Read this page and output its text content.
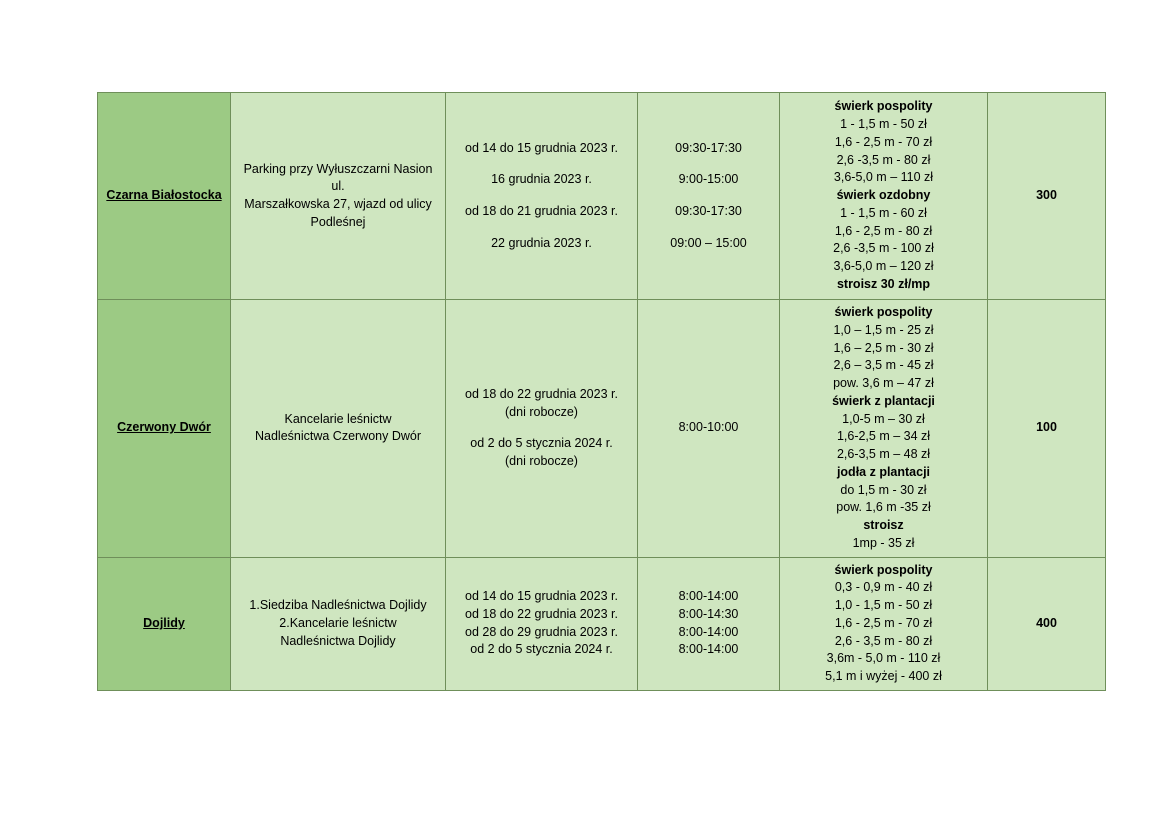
Czarna Białostocka	
Parking przy Wyłuszczarni Nasion ul.
Marszałkowska 27, wjazd od ulicy
Podleśnej

od 14 do 15 grudnia 2023 r.
16 grudnia 2023 r.
od 18 do 21 grudnia 2023 r.
22 grudnia 2023 r.

09:30-17:30
9:00-15:00
09:30-17:30
09:00 – 15:00

świerk pospolity
1 - 1,5 m - 50 zł
1,6 - 2,5 m - 70 zł
2,6 -3,5 m - 80 zł
3,6-5,0 m – 110 zł
świerk ozdobny
1 - 1,5 m - 60 zł
1,6 - 2,5 m - 80 zł
2,6 -3,5 m - 100 zł
3,6-5,0 m – 120 zł
stroisz 30 zł/mp
	300
Czerwony Dwór	
Kancelarie leśnictw
Nadleśnictwa Czerwony Dwór

od 18 do 22 grudnia 2023 r.
(dni robocze)
od 2 do 5 stycznia 2024 r.
(dni robocze)

8:00-10:00

świerk pospolity
1,0 – 1,5 m - 25 zł
1,6 – 2,5 m - 30 zł
2,6 – 3,5 m - 45 zł
pow. 3,6 m – 47 zł
świerk z plantacji
1,0-5 m – 30 zł
1,6-2,5 m – 34 zł
2,6-3,5 m – 48 zł
jodła z plantacji
do 1,5 m - 30 zł
pow. 1,6 m -35 zł
stroisz
1mp - 35 zł
	100
Dojlidy	
1.Siedziba Nadleśnictwa Dojlidy
2.Kancelarie leśnictw
Nadleśnictwa Dojlidy

od 14 do 15 grudnia 2023 r.
od 18 do 22 grudnia 2023 r.
od 28 do 29 grudnia 2023 r.
od 2 do 5 stycznia 2024 r.

8:00-14:00
8:00-14:30
8:00-14:00
8:00-14:00

świerk pospolity
0,3 - 0,9 m - 40 zł
1,0 - 1,5 m - 50 zł
1,6 - 2,5 m - 70 zł
2,6 - 3,5 m - 80 zł
3,6m - 5,0 m - 110 zł
5,1 m i wyżej - 400 zł
	400
